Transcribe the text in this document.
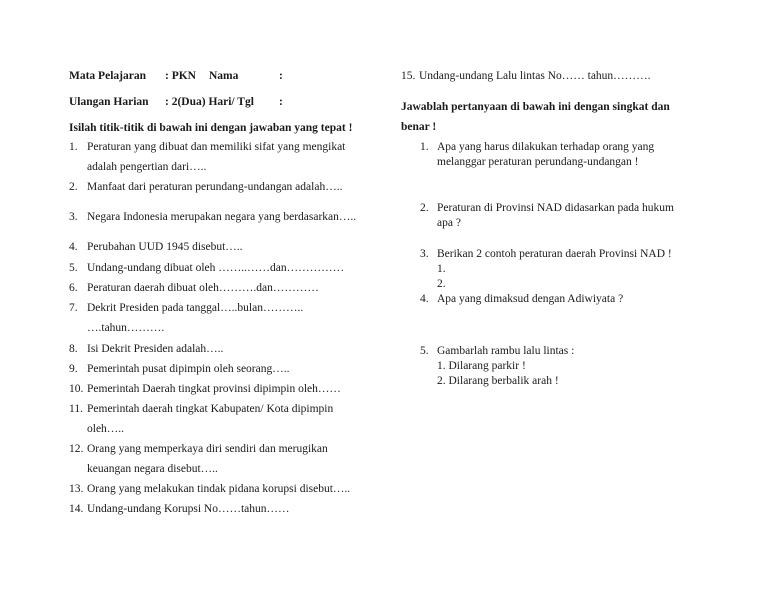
Mata Pelajaran : PKN Nama	:
Ulangan Harian : 2(Dua) Hari/ Tgl :
Isilah titik-titik di bawah ini dengan jawaban yang tepat !
1. Peraturan yang dibuat dan memiliki sifat yang mengikat
adalah pengertian dari…..
2. Manfaat dari peraturan perundang-undangan adalah…..
3. Negara Indonesia merupakan negara yang berdasarkan…..
4. Perubahan UUD 1945 disebut…..
5. Undang-undang dibuat oleh ……..……dan……………
6. Peraturan daerah dibuat oleh……….dan…………
7. Dekrit Presiden pada tanggal…..bulan………..
….tahun……….
8. Isi Dekrit Presiden adalah…..
9. Pemerintah pusat dipimpin oleh seorang…..
10. Pemerintah Daerah tingkat provinsi dipimpin oleh……
11. Pemerintah daerah tingkat Kabupaten/ Kota dipimpin
oleh…..
12. Orang yang memperkaya diri sendiri dan merugikan
keuangan negara disebut…..
13. Orang yang melakukan tindak pidana korupsi disebut…..
14. Undang-undang Korupsi No……tahun……
15. Undang-undang Lalu lintas No…… tahun……….
Jawablah pertanyaan di bawah ini dengan singkat dan
benar !
1. Apa yang harus dilakukan terhadap orang yang
melanggar peraturan perundang-undangan !
2. Peraturan di Provinsi NAD didasarkan pada hukum
apa ?
3. Berikan 2 contoh peraturan daerah Provinsi NAD !
1.
2.
4. Apa yang dimaksud dengan Adiwiyata ?
5. Gambarlah rambu lalu lintas :
1. Dilarang parkir !
2. Dilarang berbalik arah !
